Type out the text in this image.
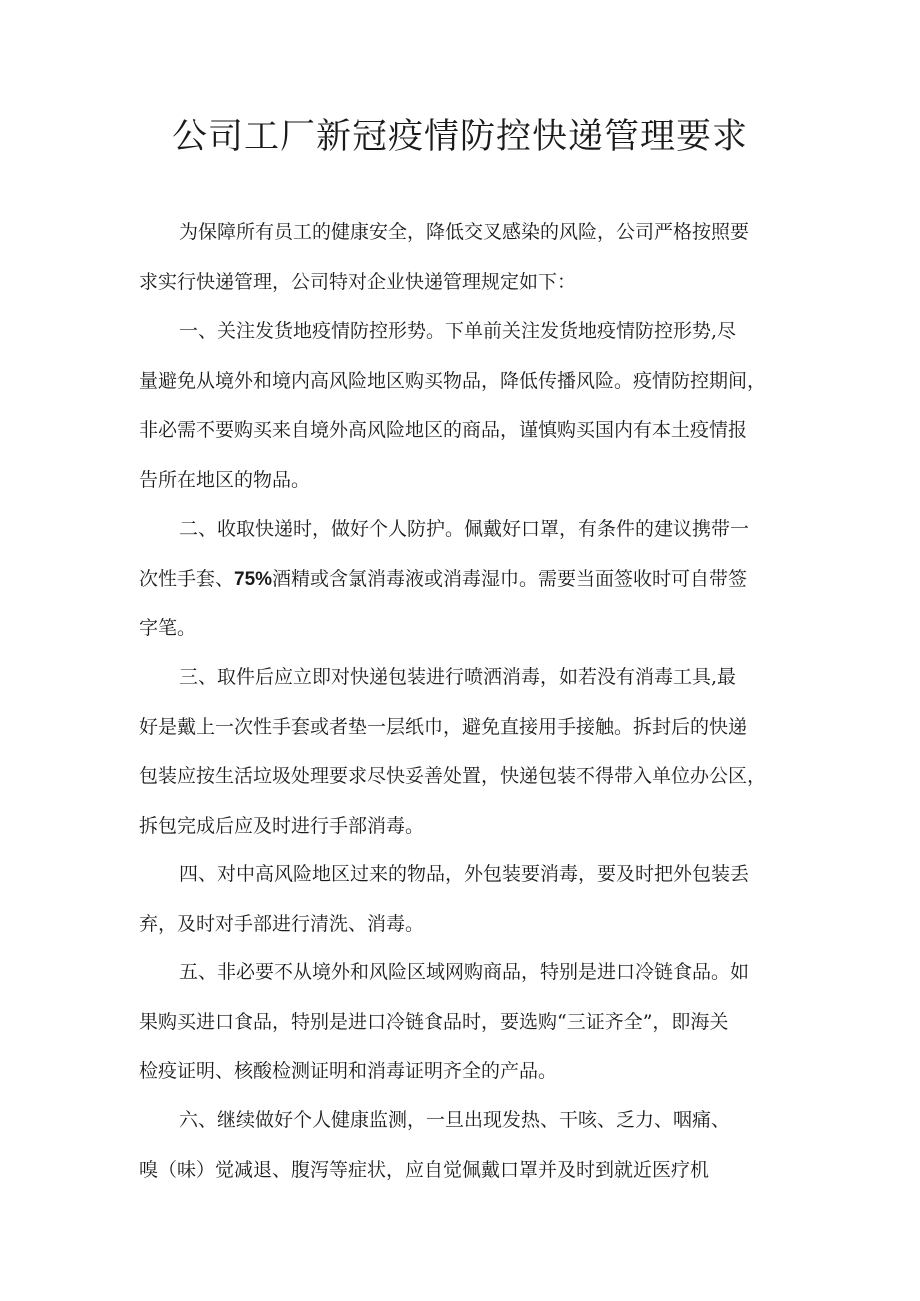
公司工厂新冠疫情防控快递管理要求

为保障所有员工的健康安全，降低交叉感染的风险，公司严格按照要
求实行快递管理，公司特对企业快递管理规定如下：

一、关注发货地疫情防控形势。下单前关注发货地疫情防控形势,尽
量避免从境外和境内高风险地区购买物品，降低传播风险。疫情防控期间，
非必需不要购买来自境外高风险地区的商品，谨慎购买国内有本土疫情报
告所在地区的物品。

二、收取快递时，做好个人防护。佩戴好口罩，有条件的建议携带一
次性手套、75%酒精或含氯消毒液或消毒湿巾。需要当面签收时可自带签
字笔。

三、取件后应立即对快递包装进行喷洒消毒，如若没有消毒工具,最
好是戴上一次性手套或者垫一层纸巾，避免直接用手接触。拆封后的快递
包装应按生活垃圾处理要求尽快妥善处置，快递包装不得带入单位办公区，
拆包完成后应及时进行手部消毒。

四、对中高风险地区过来的物品，外包装要消毒，要及时把外包装丢
弃，及时对手部进行清洗、消毒。

五、非必要不从境外和风险区域网购商品，特别是进口冷链食品。如
果购买进口食品，特别是进口冷链食品时，要选购“三证齐全”，即海关
检疫证明、核酸检测证明和消毒证明齐全的产品。

六、继续做好个人健康监测，一旦出现发热、干咳、乏力、咽痛、
嗅（味）觉减退、腹泻等症状，应自觉佩戴口罩并及时到就近医疗机
